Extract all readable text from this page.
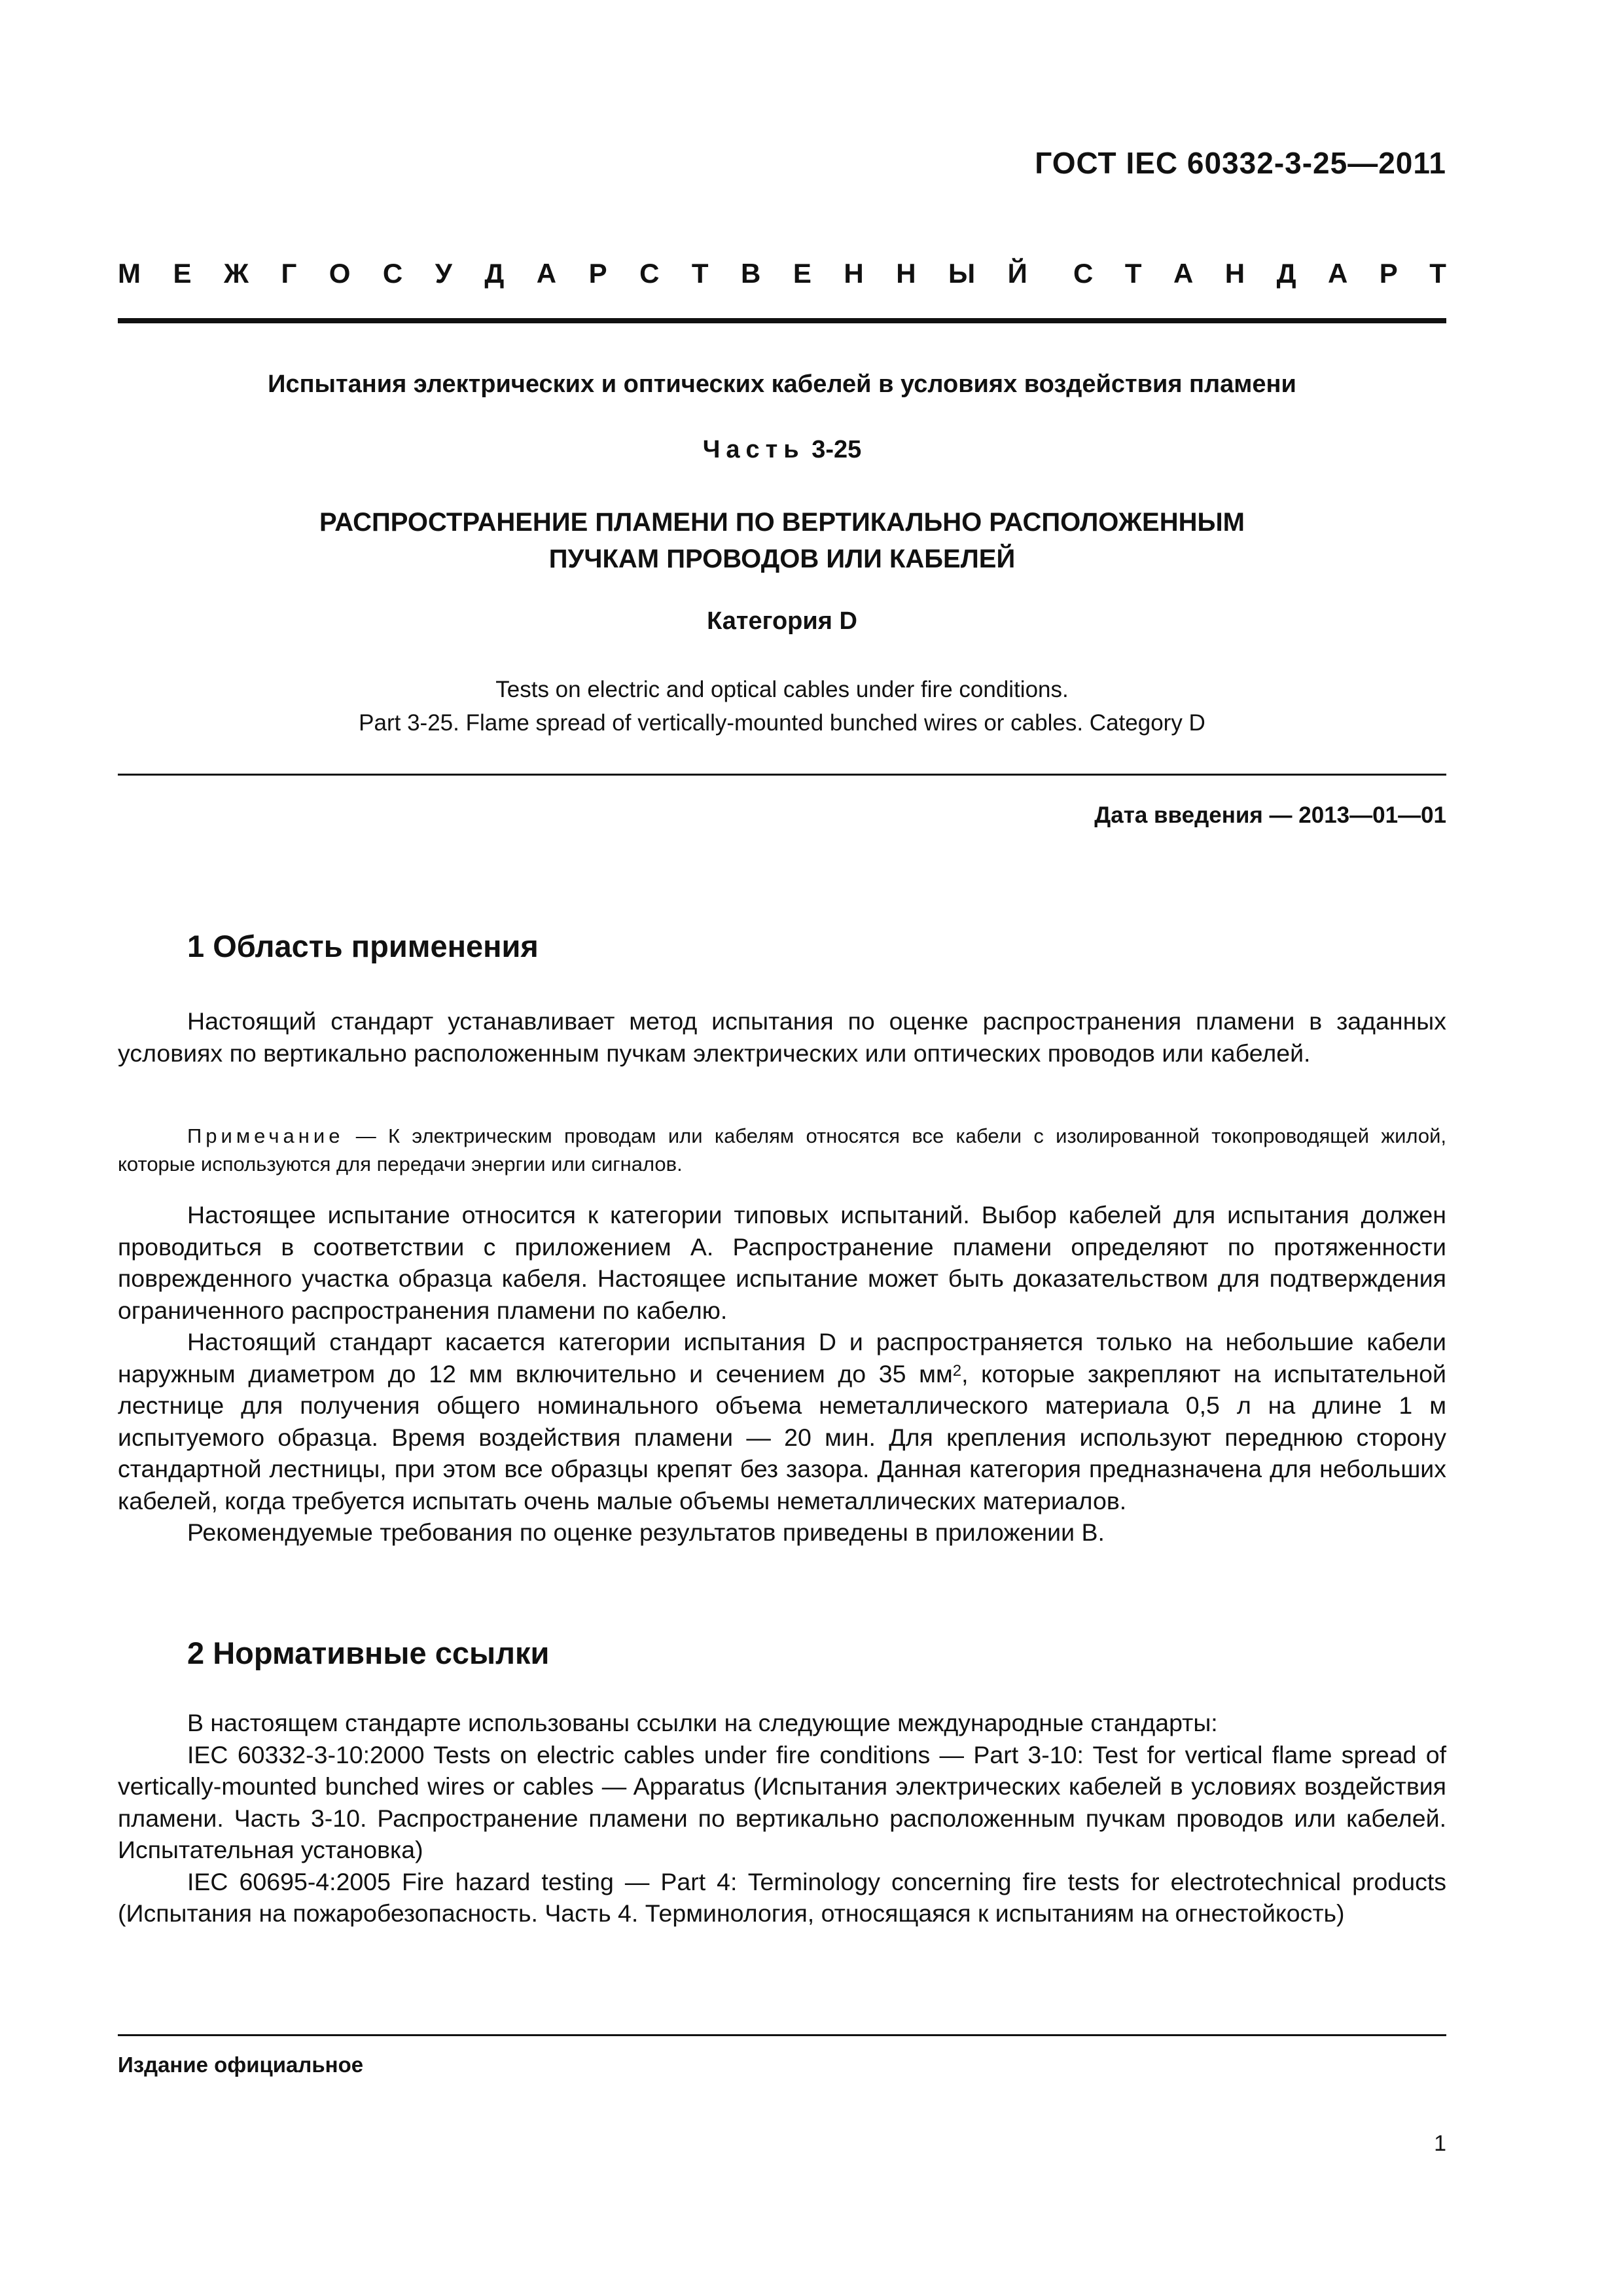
ГОСТ IEC 60332-3-25—2011
М Е Ж Г О С У Д А Р С Т В Е Н Н Ы Й С Т А Н Д А Р Т
Испытания электрических и оптических кабелей в условиях воздействия пламени
Часть 3-25
РАСПРОСТРАНЕНИЕ ПЛАМЕНИ ПО ВЕРТИКАЛЬНО РАСПОЛОЖЕННЫМ
ПУЧКАМ ПРОВОДОВ ИЛИ КАБЕЛЕЙ
Категория D
Tests on electric and optical cables under fire conditions.
Part 3-25. Flame spread of vertically-mounted bunched wires or cables. Category D
Дата введения — 2013—01—01
1 Область применения

Настоящий стандарт устанавливает метод испытания по оценке распространения пламени в заданных условиях по вертикально расположенным пучкам электрических или оптических проводов или кабелей.

Примечание — К электрическим проводам или кабелям относятся все кабели с изолированной токопроводящей жилой, которые используются для передачи энергии или сигналов.

Настоящее испытание относится к категории типовых испытаний. Выбор кабелей для испытания должен проводиться в соответствии с приложением А. Распространение пламени определяют по протяженности поврежденного участка образца кабеля. Настоящее испытание может быть доказательством для подтверждения ограниченного распространения пламени по кабелю.

Настоящий стандарт касается категории испытания D и распространяется только на небольшие кабели наружным диаметром до 12 мм включительно и сечением до 35 $мм^2$, которые закрепляют на испытательной лестнице для получения общего номинального объема неметаллического материала 0,5 л на длине 1 м испытуемого образца. Время воздействия пламени — 20 мин. Для крепления используют переднюю сторону стандартной лестницы, при этом все образцы крепят без зазора. Данная категория предназначена для небольших кабелей, когда требуется испытать очень малые объемы неметаллических материалов.

Рекомендуемые требования по оценке результатов приведены в приложении В.

2 Нормативные ссылки

В настоящем стандарте использованы ссылки на следующие международные стандарты:

IEC 60332-3-10:2000 Tests on electric cables under fire conditions — Part 3-10: Test for vertical flame spread of vertically-mounted bunched wires or cables — Apparatus (Испытания электрических кабелей в условиях воздействия пламени. Часть 3-10. Распространение пламени по вертикально расположенным пучкам проводов или кабелей. Испытательная установка)

IEC 60695-4:2005 Fire hazard testing — Part 4: Terminology concerning fire tests for electrotechnical products (Испытания на пожаробезопасность. Часть 4. Терминология, относящаяся к испытаниям на огнестойкость)

Издание официальное
1
